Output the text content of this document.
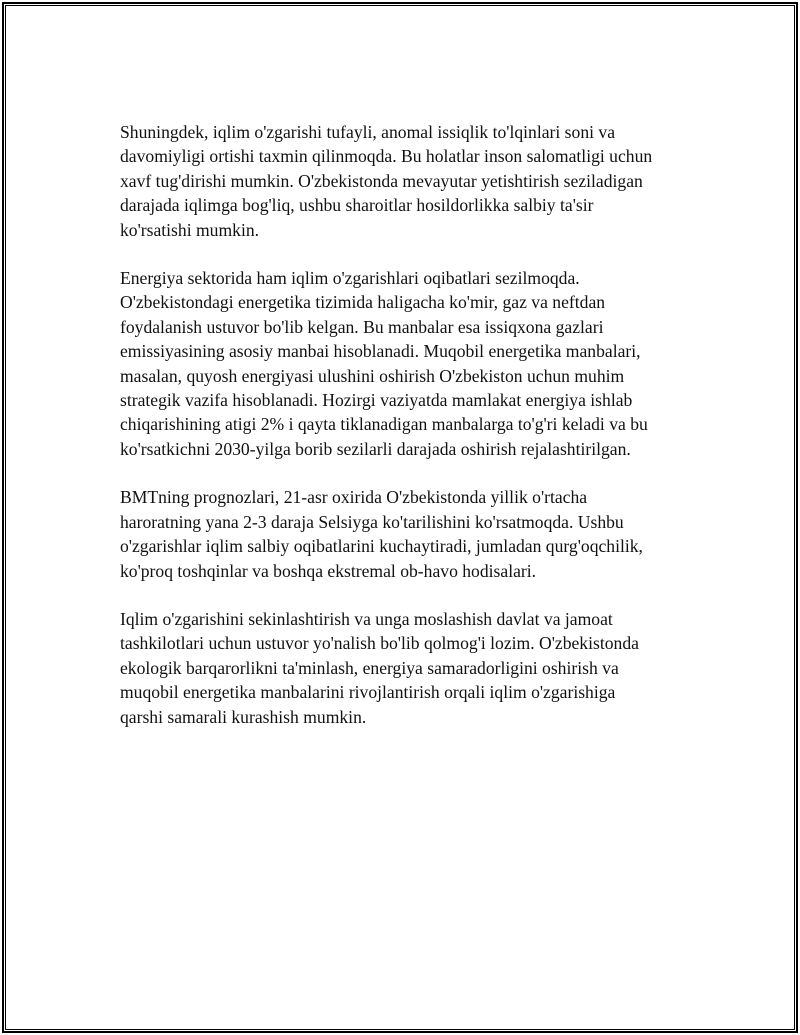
Shuningdek, iqlim o'zgarishi tufayli, anomal issiqlik to'lqinlari soni va
davomiyligi ortishi taxmin qilinmoqda. Bu holatlar inson salomatligi uchun
xavf tug'dirishi mumkin. O'zbekistonda mevayutar yetishtirish seziladigan
darajada iqlimga bog'liq, ushbu sharoitlar hosildorlikka salbiy ta'sir
ko'rsatishi mumkin.

Energiya sektorida ham iqlim o'zgarishlari oqibatlari sezilmoqda.
O'zbekistondagi energetika tizimida haligacha ko'mir, gaz va neftdan
foydalanish ustuvor bo'lib kelgan. Bu manbalar esa issiqxona gazlari
emissiyasining asosiy manbai hisoblanadi. Muqobil energetika manbalari,
masalan, quyosh energiyasi ulushini oshirish O'zbekiston uchun muhim
strategik vazifa hisoblanadi. Hozirgi vaziyatda mamlakat energiya ishlab
chiqarishining atigi 2% i qayta tiklanadigan manbalarga to'g'ri keladi va bu
ko'rsatkichni 2030-yilga borib sezilarli darajada oshirish rejalashtirilgan.

BMTning prognozlari, 21-asr oxirida O'zbekistonda yillik o'rtacha
haroratning yana 2-3 daraja Selsiyga ko'tarilishini ko'rsatmoqda. Ushbu
o'zgarishlar iqlim salbiy oqibatlarini kuchaytiradi, jumladan qurg'oqchilik,
ko'proq toshqinlar va boshqa ekstremal ob-havo hodisalari.

Iqlim o'zgarishini sekinlashtirish va unga moslashish davlat va jamoat
tashkilotlari uchun ustuvor yo'nalish bo'lib qolmog'i lozim. O'zbekistonda
ekologik barqarorlikni ta'minlash, energiya samaradorligini oshirish va
muqobil energetika manbalarini rivojlantirish orqali iqlim o'zgarishiga
qarshi samarali kurashish mumkin.
